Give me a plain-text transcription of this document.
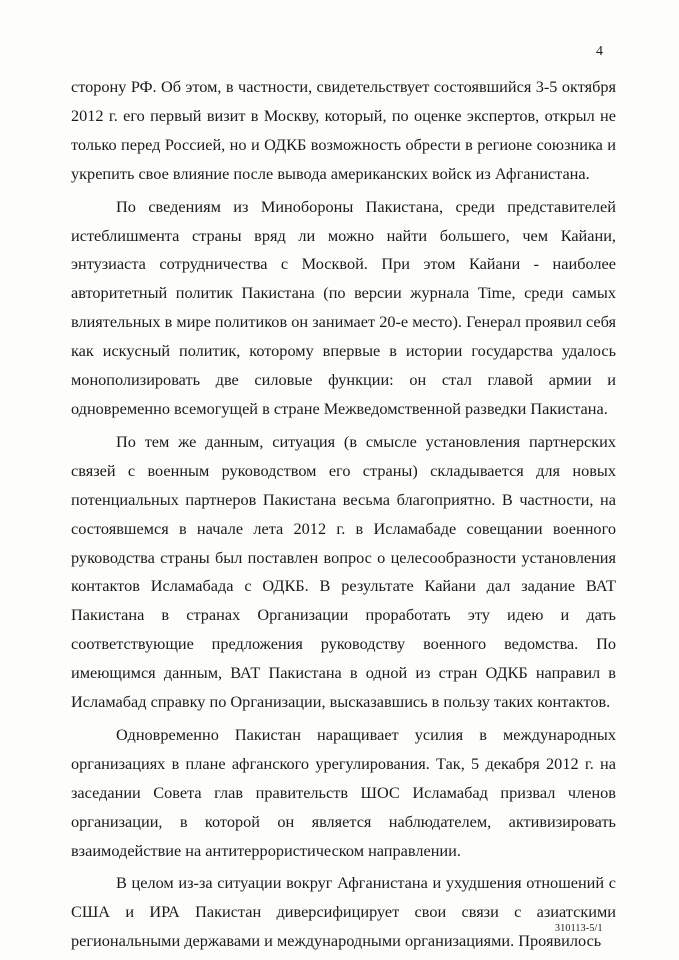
4

сторону РФ. Об этом, в частности, свидетельствует состоявшийся 3-5 октября 2012 г. его первый визит в Москву, который, по оценке экспертов, открыл не только перед Россией, но и ОДКБ возможность обрести в регионе союзника и укрепить свое влияние после вывода американских войск из Афганистана.

По сведениям из Минобороны Пакистана, среди представителей истеблишмента страны вряд ли можно найти большего, чем Кайани, энтузиаста сотрудничества с Москвой. При этом Кайани - наиболее авторитетный политик Пакистана (по версии журнала Time, среди самых влиятельных в мире политиков он занимает 20-е место). Генерал проявил себя как искусный политик, которому впервые в истории государства удалось монополизировать две силовые функции: он стал главой армии и одновременно всемогущей в стране Межведомственной разведки Пакистана.

По тем же данным, ситуация (в смысле установления партнерских связей с военным руководством его страны) складывается для новых потенциальных партнеров Пакистана весьма благоприятно. В частности, на состоявшемся в начале лета 2012 г. в Исламабаде совещании военного руководства страны был поставлен вопрос о целесообразности установления контактов Исламабада с ОДКБ. В результате Кайани дал задание ВАТ Пакистана в странах Организации проработать эту идею и дать соответствующие предложения руководству военного ведомства. По имеющимся данным, ВАТ Пакистана в одной из стран ОДКБ направил в Исламабад справку по Организации, высказавшись в пользу таких контактов.

Одновременно Пакистан наращивает усилия в международных организациях в плане афганского урегулирования. Так, 5 декабря 2012 г. на заседании Совета глав правительств ШОС Исламабад призвал членов организации, в которой он является наблюдателем, активизировать взаимодействие на антитеррористическом направлении.

В целом из-за ситуации вокруг Афганистана и ухудшения отношений с США и ИРА Пакистан диверсифицирует свои связи с азиатскими региональными державами и международными организациями. Проявилось

310113-5/1
